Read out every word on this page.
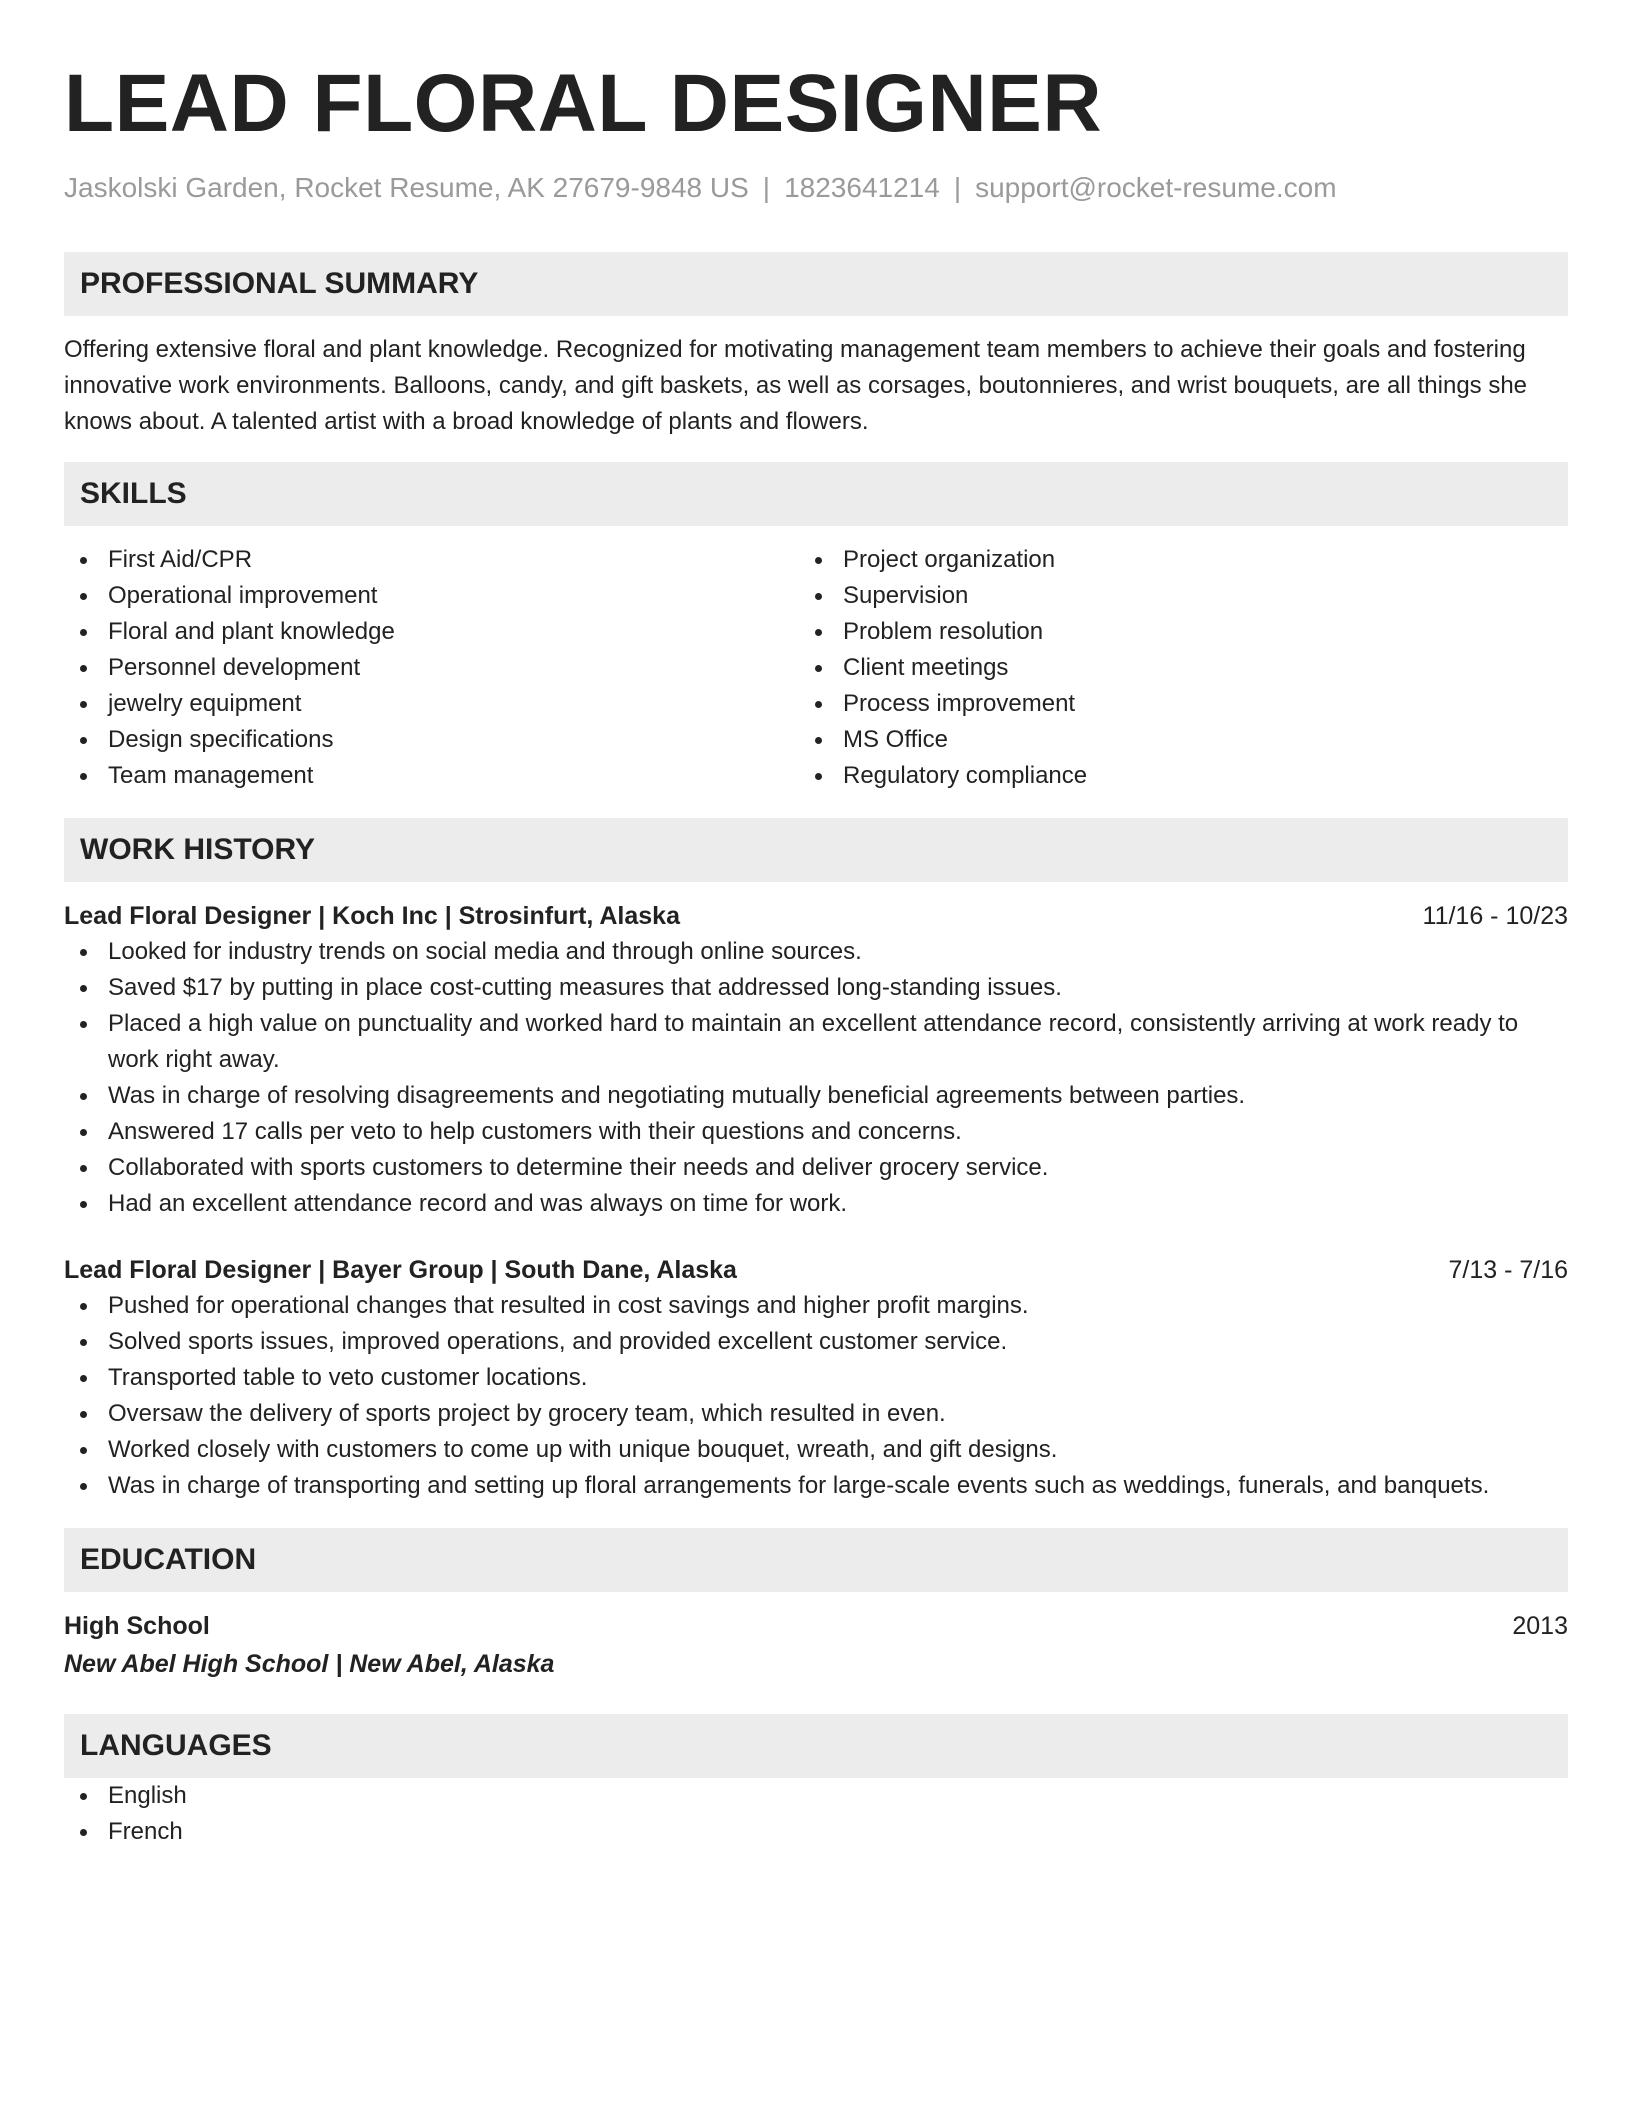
LEAD FLORAL DESIGNER
Jaskolski Garden, Rocket Resume, AK 27679-9848 US | 1823641214 | support@rocket-resume.com
PROFESSIONAL SUMMARY
Offering extensive floral and plant knowledge. Recognized for motivating management team members to achieve their goals and fostering innovative work environments. Balloons, candy, and gift baskets, as well as corsages, boutonnieres, and wrist bouquets, are all things she knows about. A talented artist with a broad knowledge of plants and flowers.
SKILLS
First Aid/CPR
Operational improvement
Floral and plant knowledge
Personnel development
jewelry equipment
Design specifications
Team management
Project organization
Supervision
Problem resolution
Client meetings
Process improvement
MS Office
Regulatory compliance
WORK HISTORY
Lead Floral Designer | Koch Inc | Strosinfurt, Alaska	11/16 - 10/23
Looked for industry trends on social media and through online sources.
Saved $17 by putting in place cost-cutting measures that addressed long-standing issues.
Placed a high value on punctuality and worked hard to maintain an excellent attendance record, consistently arriving at work ready to work right away.
Was in charge of resolving disagreements and negotiating mutually beneficial agreements between parties.
Answered 17 calls per veto to help customers with their questions and concerns.
Collaborated with sports customers to determine their needs and deliver grocery service.
Had an excellent attendance record and was always on time for work.
Lead Floral Designer | Bayer Group | South Dane, Alaska	7/13 - 7/16
Pushed for operational changes that resulted in cost savings and higher profit margins.
Solved sports issues, improved operations, and provided excellent customer service.
Transported table to veto customer locations.
Oversaw the delivery of sports project by grocery team, which resulted in even.
Worked closely with customers to come up with unique bouquet, wreath, and gift designs.
Was in charge of transporting and setting up floral arrangements for large-scale events such as weddings, funerals, and banquets.
EDUCATION
High School	2013
New Abel High School | New Abel, Alaska
LANGUAGES
English
French
